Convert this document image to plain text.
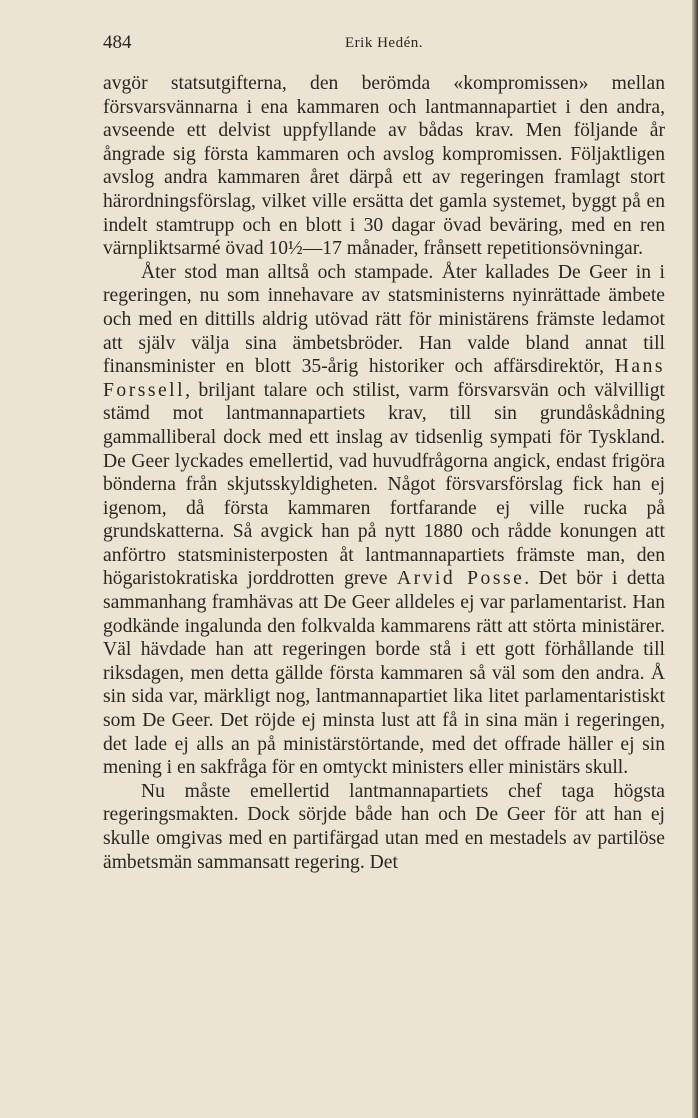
484	Erik Hedén.

avgör statsutgifterna, den berömda «kompromissen» mellan försvarsvännarna i ena kammaren och lantmannapartiet i den andra, avseende ett delvist uppfyllande av bådas krav. Men följande år ångrade sig första kammaren och avslog kompromissen. Följaktligen avslog andra kammaren året därpå ett av regeringen framlagt stort härordningsförslag, vilket ville ersätta det gamla systemet, byggt på en indelt stamtrupp och en blott i 30 dagar övad beväring, med en ren värnpliktsarmé övad 10½—17 månader, frånsett repetitionsövningar.

Åter stod man alltså och stampade. Åter kallades De Geer in i regeringen, nu som innehavare av statsministerns nyinrättade ämbete och med en dittills aldrig utövad rätt för ministärens främste ledamot att själv välja sina ämbetsbröder. Han valde bland annat till finansminister en blott 35-årig historiker och affärsdirektör, Hans Forssell, briljant talare och stilist, varm försvarsvän och välvilligt stämd mot lantmannapartiets krav, till sin grundåskådning gammalliberal dock med ett inslag av tidsenlig sympati för Tyskland. De Geer lyckades emellertid, vad huvudfrågorna angick, endast frigöra bönderna från skjutsskyldigheten. Något försvarsförslag fick han ej igenom, då första kammaren fortfarande ej ville rucka på grundskatterna. Så avgick han på nytt 1880 och rådde konungen att anförtro statsministerposten åt lantmannapartiets främste man, den högaristokratiska jorddrotten greve Arvid Posse. Det bör i detta sammanhang framhävas att De Geer alldeles ej var parlamentarist. Han godkände ingalunda den folkvalda kammarens rätt att störta ministärer. Väl hävdade han att regeringen borde stå i ett gott förhållande till riksdagen, men detta gällde första kammaren så väl som den andra. Å sin sida var, märkligt nog, lantmannapartiet lika litet parlamentaristiskt som De Geer. Det röjde ej minsta lust att få in sina män i regeringen, det lade ej alls an på ministärstörtande, med det offrade häller ej sin mening i en sakfråga för en omtyckt ministers eller ministärs skull.

Nu måste emellertid lantmannapartiets chef taga högsta regeringsmakten. Dock sörjde både han och De Geer för att han ej skulle omgivas med en partifärgad utan med en mestadels av partilöse ämbetsmän sammansatt regering. Det
